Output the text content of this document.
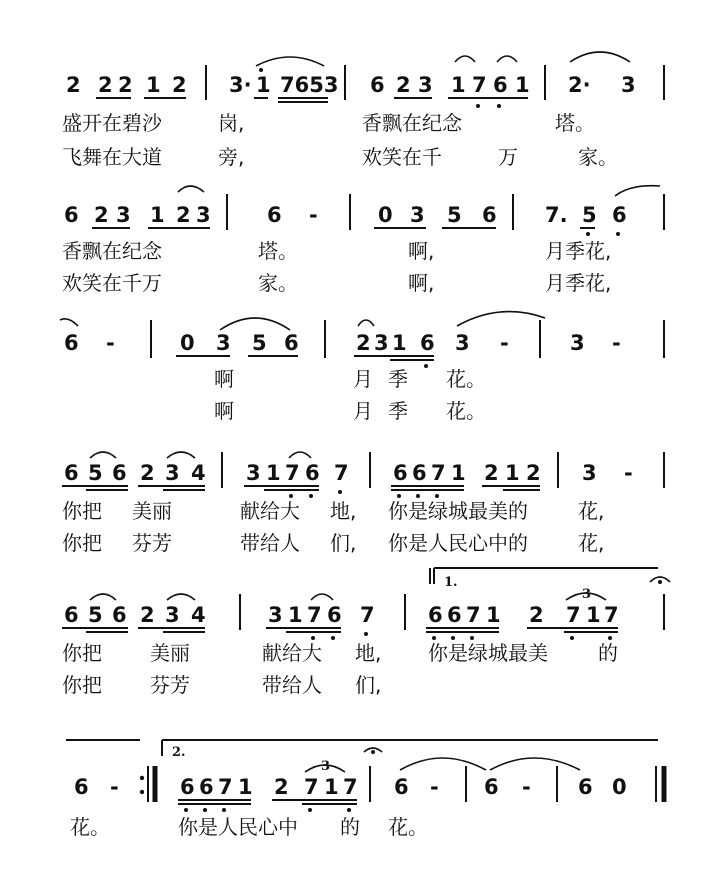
2 2 2 1 2 3· 1 7653 6 2 3 1 7 6 1 2· 3
盛开在碧沙	岗,	香飘在纪念	塔。
飞舞在大道	旁,	欢笑在千	万	家。
6 2 3 1 2 3	6 -	0 3 5 6 7. 5 6
香飘在纪念	塔。	啊,	月季花,
欢笑在千万	家。	啊,	月季花,
6 -	0 3 5 6	2 3 1 6 3 -	3 -
啊	月 季 花。
啊	月 季 花。
6 5 6 2 3 4 3 1 7 6 7 6 6 7 1 2 1 2 3 -
你把 美丽	献给大 地, 你是绿城最美的	花,
你把 芬芳	带给人 们, 你是人民心中的	花,
1.
6 5 6 2 3 4	3 1 7 6 7	6 6 7 1 2 7 1 7
3
你把 美丽	献给大 地, 你是绿城最美	的
你把 芬芳	带给人 们,
2.
6 -	6 6 7 1 2 7 1 7
3
6 - 6 - 6 0
花。	你是人民心中 的 花。
